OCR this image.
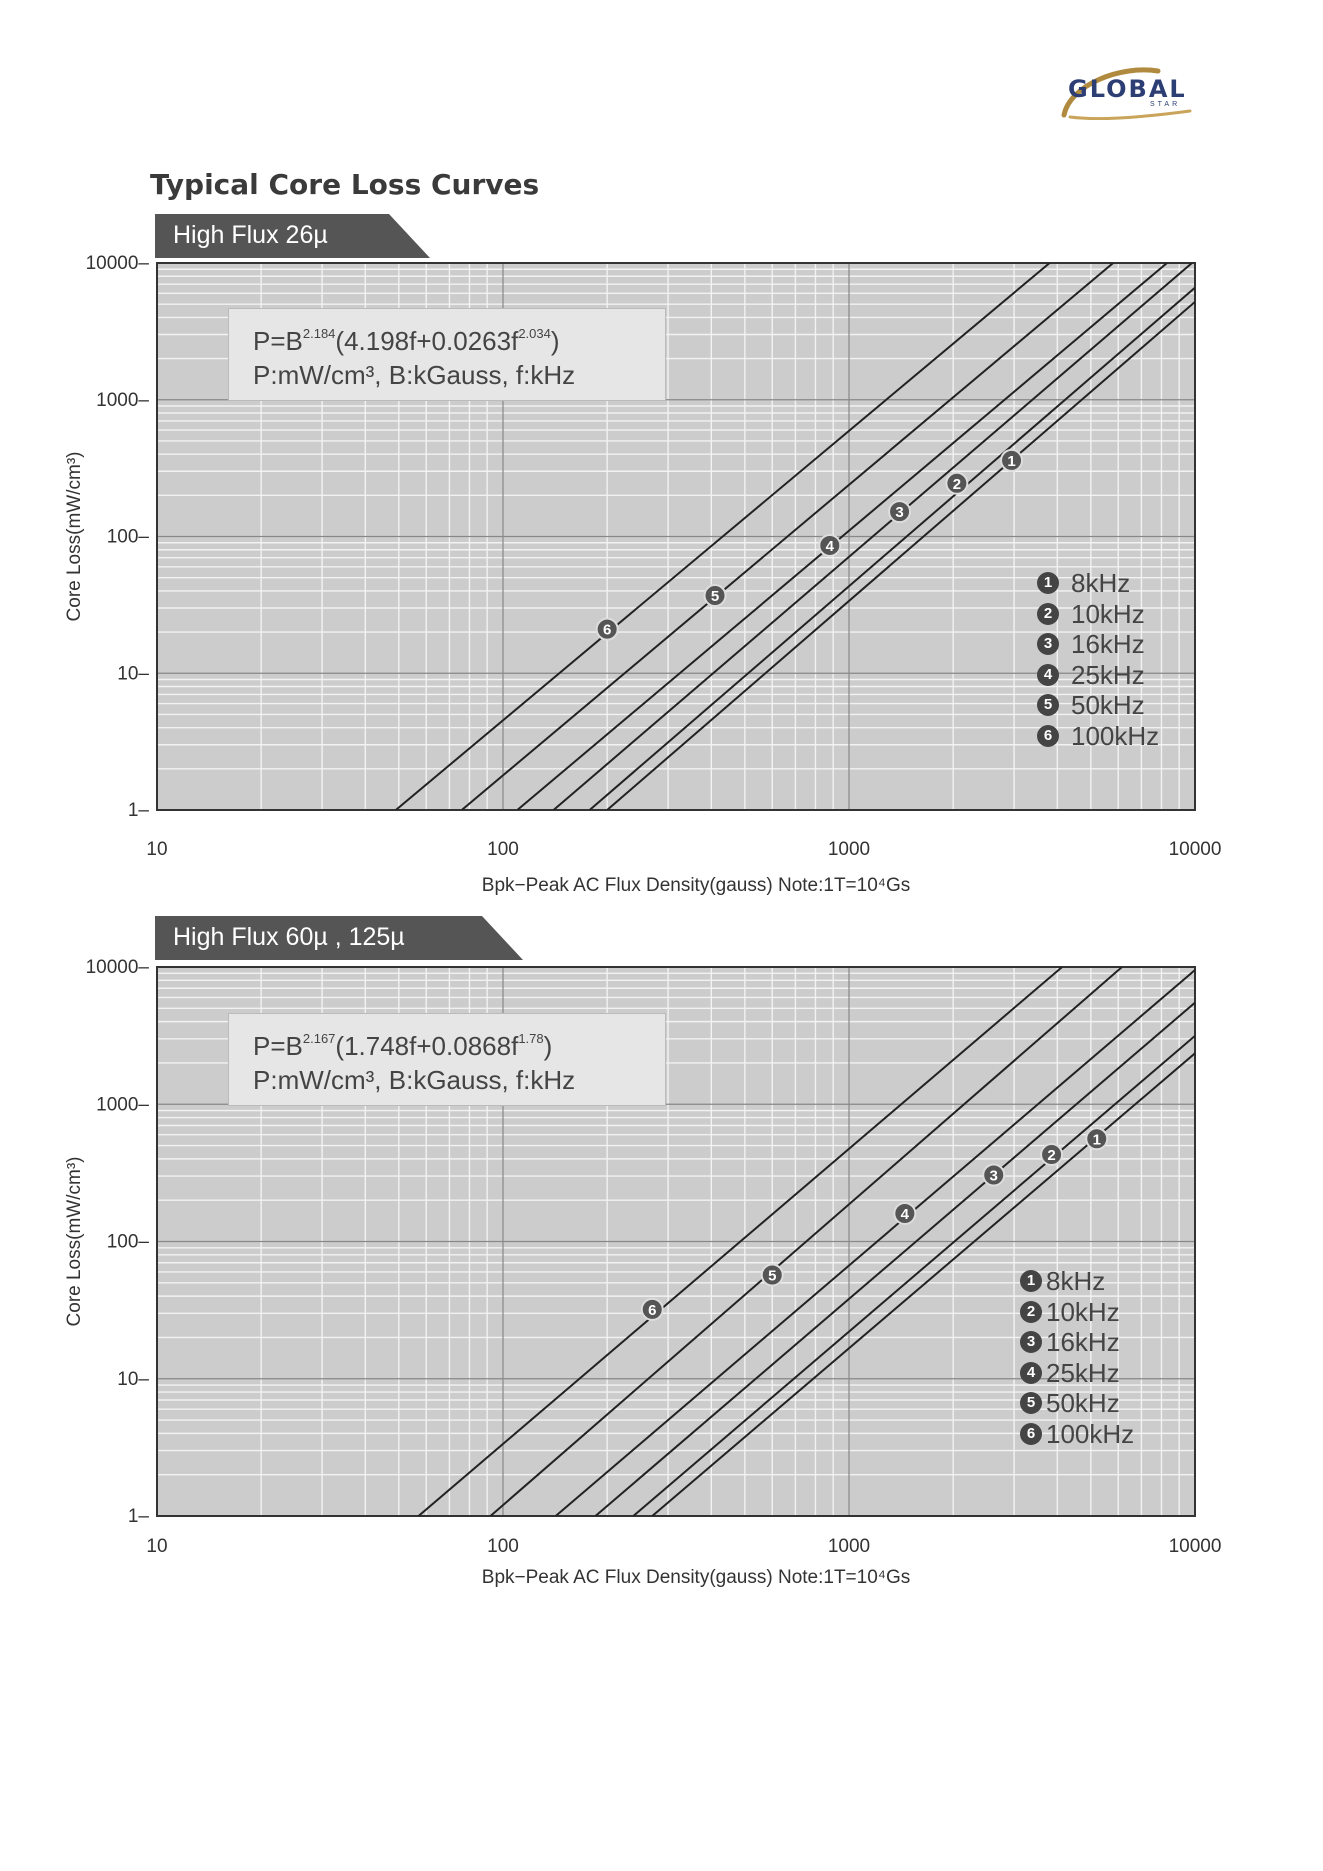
GLOBAL
STAR
Typical Core Loss Curves
High Flux 26µ
1
2
3
4
5
6
10	100	1000	10000
1–
10–
100–
1000–
10000–
Bpk−Peak AC Flux Density(gauss) Note:1T=10⁴Gs
Core Loss(mW/cm³)
$P=B^{2.184}(4.198f+0.0263f^{2.034})$
P:mW/cm³, B:kGauss, f:kHz
1 8kHz
2 10kHz
3 16kHz
4 25kHz
5 50kHz
6 100kHz
High Flux 60µ , 125µ
1
2
3
4
5
6
10	100	1000	10000
1–
10–
100–
1000–
10000–
Bpk−Peak AC Flux Density(gauss) Note:1T=10⁴Gs
Core Loss(mW/cm³)
$P=B^{2.167}(1.748f+0.0868f^{1.78})$
P:mW/cm³, B:kGauss, f:kHz
1 8kHz
2 10kHz
3 16kHz
4 25kHz
5 50kHz
6 100kHz
